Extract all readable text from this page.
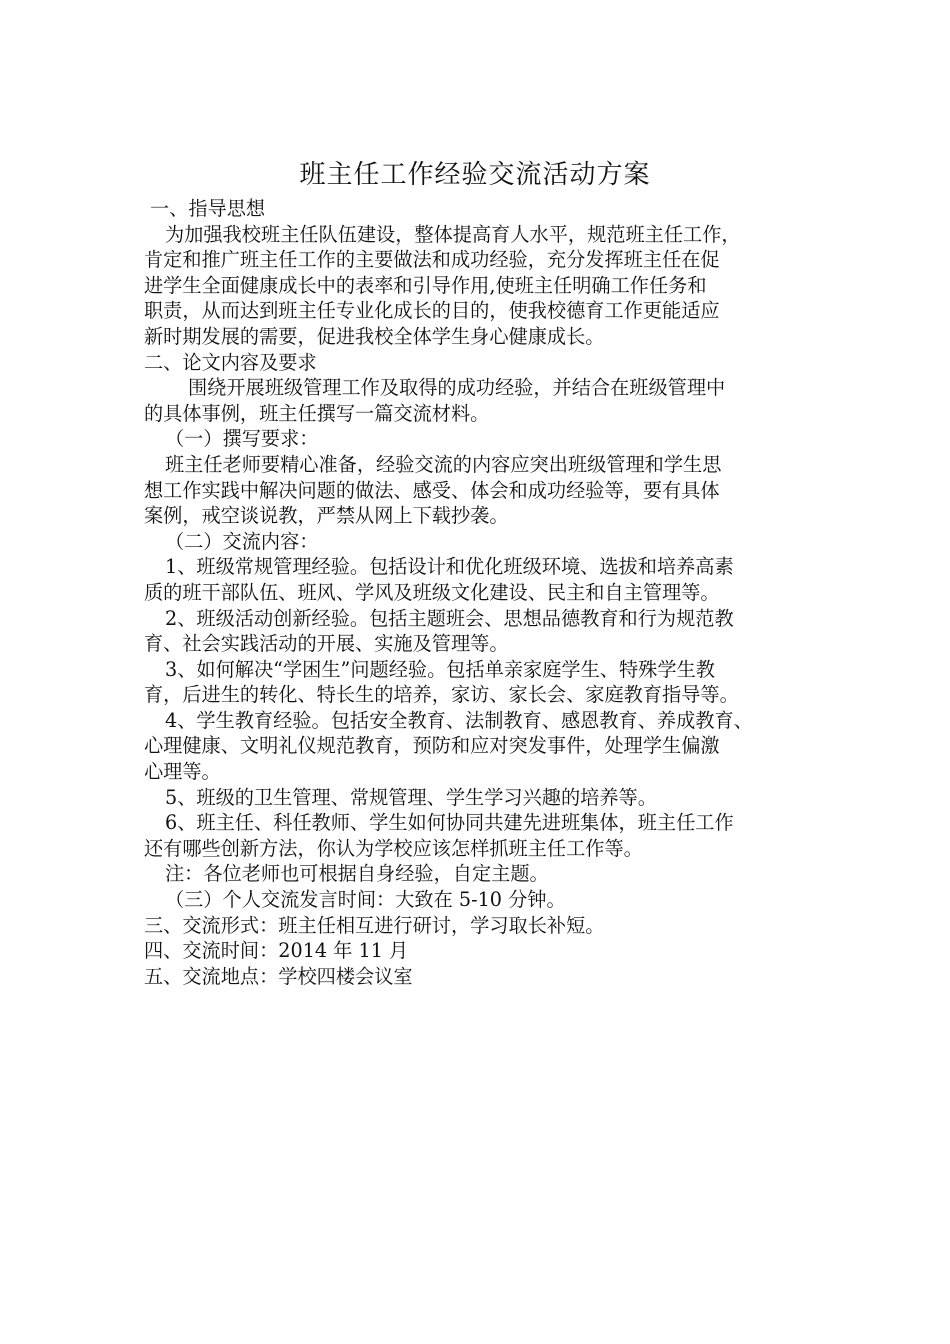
班主任工作经验交流活动方案
一、指导思想
为加强我校班主任队伍建设，整体提高育人水平，规范班主任工作，
肯定和推广班主任工作的主要做法和成功经验，充分发挥班主任在促
进学生全面健康成长中的表率和引导作用,使班主任明确工作任务和
职责，从而达到班主任专业化成长的目的，使我校德育工作更能适应
新时期发展的需要，促进我校全体学生身心健康成长。
二、论文内容及要求
围绕开展班级管理工作及取得的成功经验，并结合在班级管理中
的具体事例，班主任撰写一篇交流材料。
（一）撰写要求：
班主任老师要精心准备，经验交流的内容应突出班级管理和学生思
想工作实践中解决问题的做法、感受、体会和成功经验等，要有具体
案例，戒空谈说教，严禁从网上下载抄袭。
（二）交流内容：
1、班级常规管理经验。包括设计和优化班级环境、选拔和培养高素
质的班干部队伍、班风、学风及班级文化建设、民主和自主管理等。
2、班级活动创新经验。包括主题班会、思想品德教育和行为规范教
育、社会实践活动的开展、实施及管理等。
3、如何解决“学困生”问题经验。包括单亲家庭学生、特殊学生教
育，后进生的转化、特长生的培养，家访、家长会、家庭教育指导等。
4、学生教育经验。包括安全教育、法制教育、感恩教育、养成教育、
心理健康、文明礼仪规范教育，预防和应对突发事件，处理学生偏激
心理等。
5、班级的卫生管理、常规管理、学生学习兴趣的培养等。
6、班主任、科任教师、学生如何协同共建先进班集体，班主任工作
还有哪些创新方法，你认为学校应该怎样抓班主任工作等。
注：各位老师也可根据自身经验，自定主题。
（三）个人交流发言时间：大致在 5-10 分钟。
三、交流形式：班主任相互进行研讨，学习取长补短。
四、交流时间：2014 年 11 月
五、交流地点：学校四楼会议室
